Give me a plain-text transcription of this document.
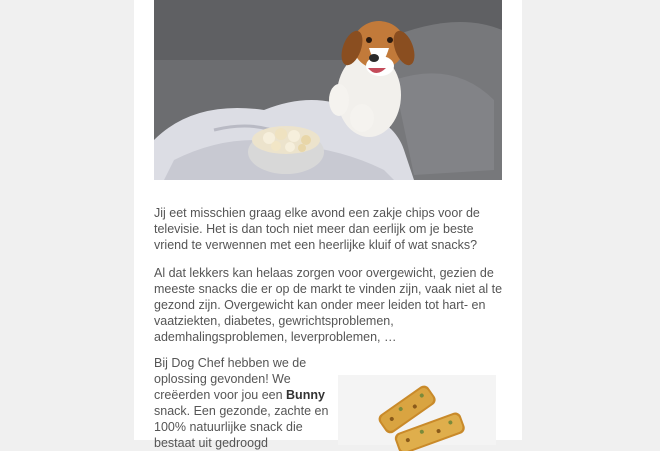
Jij eet misschien graag elke avond een zakje chips voor de
televisie. Het is dan toch niet meer dan eerlijk om je beste
vriend te verwennen met een heerlijke kluif of wat snacks?

Al dat lekkers kan helaas zorgen voor overgewicht, gezien de
meeste snacks die er op de markt te vinden zijn, vaak niet al te
gezond zijn. Overgewicht kan onder meer leiden tot hart- en
vaatziekten, diabetes, gewrichtsproblemen,
ademhalingsproblemen, leverproblemen, …

Bij Dog Chef hebben we de oplossing gevonden! We creëerden voor jou een Bunny snack. Een gezonde, zachte en 100% natuurlijke snack die bestaat uit gedroogd
